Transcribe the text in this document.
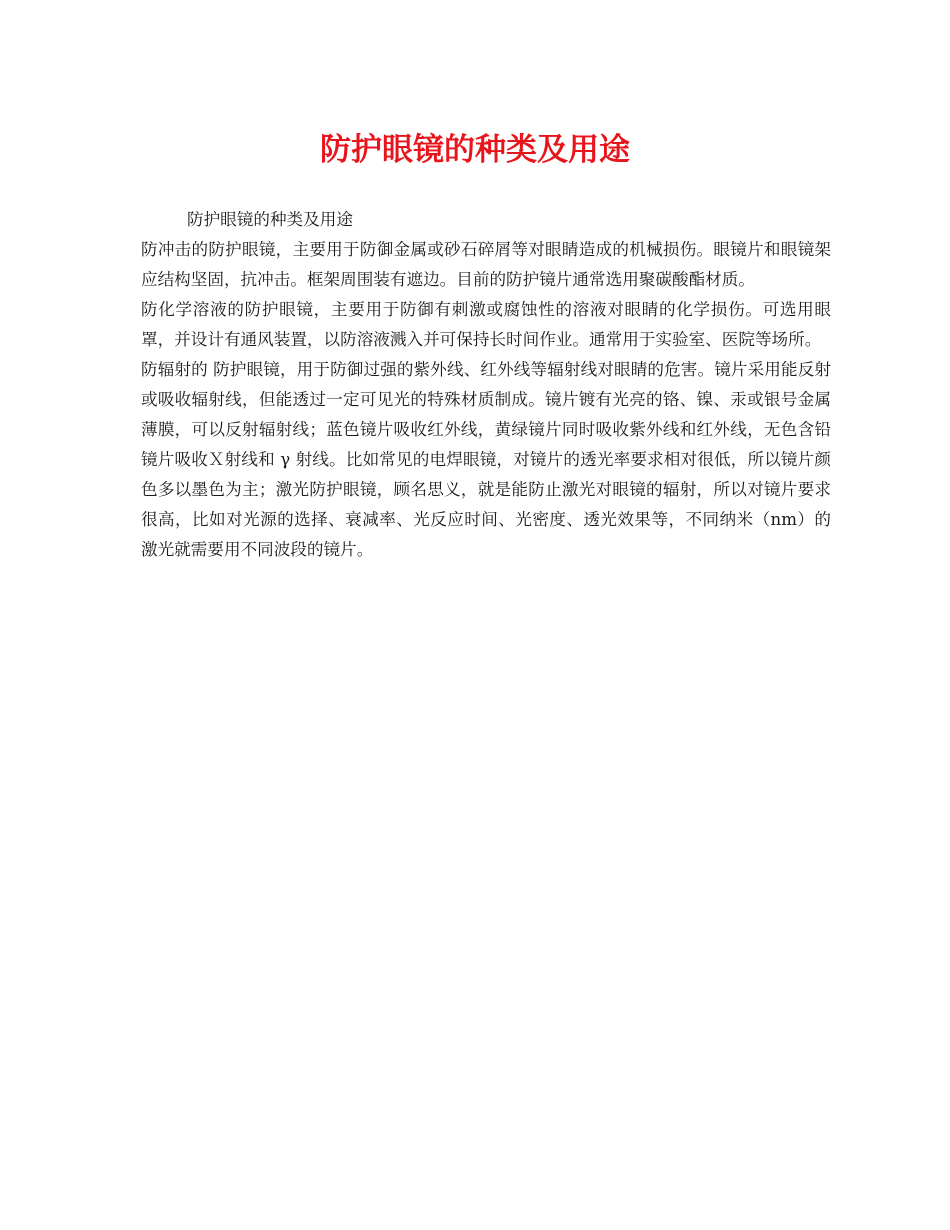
防护眼镜的种类及用途

防护眼镜的种类及用途

防冲击的防护眼镜，主要用于防御金属或砂石碎屑等对眼睛造成的机械损伤。眼镜片和眼镜架应结构坚固，抗冲击。框架周围装有遮边。目前的防护镜片通常选用聚碳酸酯材质。

防化学溶液的防护眼镜，主要用于防御有刺激或腐蚀性的溶液对眼睛的化学损伤。可选用眼罩，并设计有通风装置，以防溶液溅入并可保持长时间作业。通常用于实验室、医院等场所。

防辐射的 防护眼镜，用于防御过强的紫外线、红外线等辐射线对眼睛的危害。镜片采用能反射或吸收辐射线，但能透过一定可见光的特殊材质制成。镜片镀有光亮的铬、镍、汞或银号金属薄膜，可以反射辐射线；蓝色镜片吸收红外线，黄绿镜片同时吸收紫外线和红外线，无色含铅镜片吸收Ｘ射线和 γ 射线。比如常见的电焊眼镜，对镜片的透光率要求相对很低，所以镜片颜色多以墨色为主；激光防护眼镜，顾名思义，就是能防止激光对眼镜的辐射，所以对镜片要求很高，比如对光源的选择、衰减率、光反应时间、光密度、透光效果等，不同纳米（nm）的激光就需要用不同波段的镜片。
